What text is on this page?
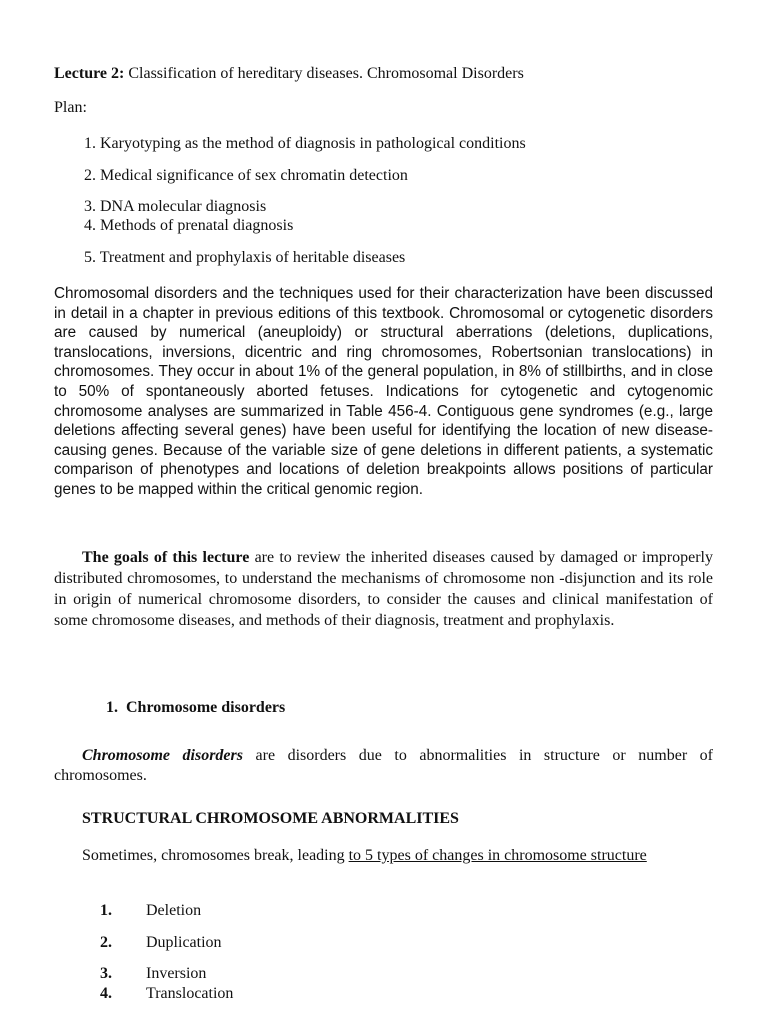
Lecture 2: Classification of hereditary diseases. Chromosomal Disorders

Plan:

1. Karyotyping as the method of diagnosis in pathological conditions

2. Medical significance of sex chromatin detection

3. DNA molecular diagnosis

4. Methods of prenatal diagnosis

5. Treatment and prophylaxis of heritable diseases

Chromosomal disorders and the techniques used for their characterization have been discussed in detail in a chapter in previous editions of this textbook. Chromosomal or cytogenetic disorders are caused by numerical (aneuploidy) or structural aberrations (deletions, duplications, translocations, inversions, dicentric and ring chromosomes, Robertsonian translocations) in chromosomes. They occur in about 1% of the general population, in 8% of stillbirths, and in close to 50% of spontaneously aborted fetuses. Indications for cytogenetic and cytogenomic chromosome analyses are summarized in Table 456-4. Contiguous gene syndromes (e.g., large deletions affecting several genes) have been useful for identifying the location of new disease-causing genes. Because of the variable size of gene deletions in different patients, a systematic comparison of phenotypes and locations of deletion breakpoints allows positions of particular genes to be mapped within the critical genomic region.

The goals of this lecture are to review the inherited diseases caused by damaged or improperly distributed chromosomes, to understand the mechanisms of chromosome non -disjunction and its role in origin of numerical chromosome disorders, to consider the causes and clinical manifestation of some chromosome diseases, and methods of their diagnosis, treatment and prophylaxis.

1. Chromosome disorders

Chromosome disorders are disorders due to abnormalities in structure or number of chromosomes.

STRUCTURAL CHROMOSOME ABNORMALITIES

Sometimes, chromosomes break, leading to 5 types of changes in chromosome structure

1. Deletion

2. Duplication

3. Inversion

4. Translocation
